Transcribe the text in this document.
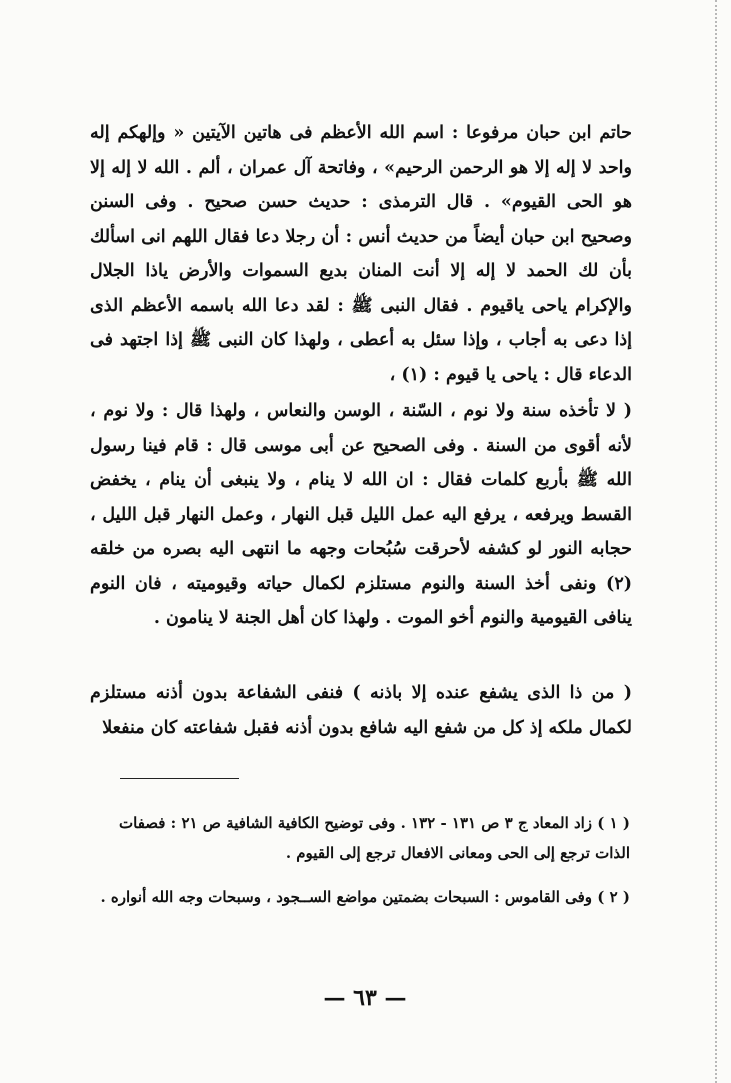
حاتم ابن حبان مرفوعا : اسم الله الأعظم فى هاتين الآيتين « وإلهكم إله واحد لا إله إلا هو الرحمن الرحيم» ، وفاتحة آل عمران ، ألم . الله لا إله إلا هو الحى القيوم» . قال الترمذى : حديث حسن صحيح . وفى السنن وصحيح ابن حبان أيضاً من حديث أنس : أن رجلا دعا فقال اللهم انى اسألك بأن لك الحمد لا إله إلا أنت المنان بديع السموات والأرض ياذا الجلال والإكرام ياحى ياقيوم . فقال النبى ﷺ : لقد دعا الله باسمه الأعظم الذى إذا دعى به أجاب ، وإذا سئل به أعطى ، ولهذا كان النبى ﷺ إذا اجتهد فى الدعاء قال : ياحى يا قيوم : (١) ،
( لا تأخذه سنة ولا نوم ، السّنة ، الوسن والنعاس ، ولهذا قال : ولا نوم ، لأنه أقوى من السنة . وفى الصحيح عن أبى موسى قال : قام فينا رسول الله ﷺ بأربع كلمات فقال : ان الله لا ينام ، ولا ينبغى أن ينام ، يخفض القسط ويرفعه ، يرفع اليه عمل الليل قبل النهار ، وعمل النهار قبل الليل ، حجابه النور لو كشفه لأحرقت سُبُحات وجهه ما انتهى اليه بصره من خلقه (٢) ونفى أخذ السنة والنوم مستلزم لكمال حياته وقيوميته ، فان النوم ينافى القيومية والنوم أخو الموت . ولهذا كان أهل الجنة لا ينامون .
( من ذا الذى يشفع عنده إلا باذنه ) فنفى الشفاعة بدون أذنه مستلزم لكمال ملكه إذ كل من شفع اليه شافع بدون أذنه فقبل شفاعته كان منفعلا
( ١ ) زاد المعاد ج ٣ ص ١٣١ - ١٣٢ . وفى توضيح الكافية الشافية ص ٢١ : فصفات الذات ترجع إلى الحى ومعانى الافعال ترجع إلى القيوم .
( ٢ ) وفى القاموس : السبحات بضمتين مواضع الســجود ، وسبحات وجه الله أنواره .
— ٦٣ —
